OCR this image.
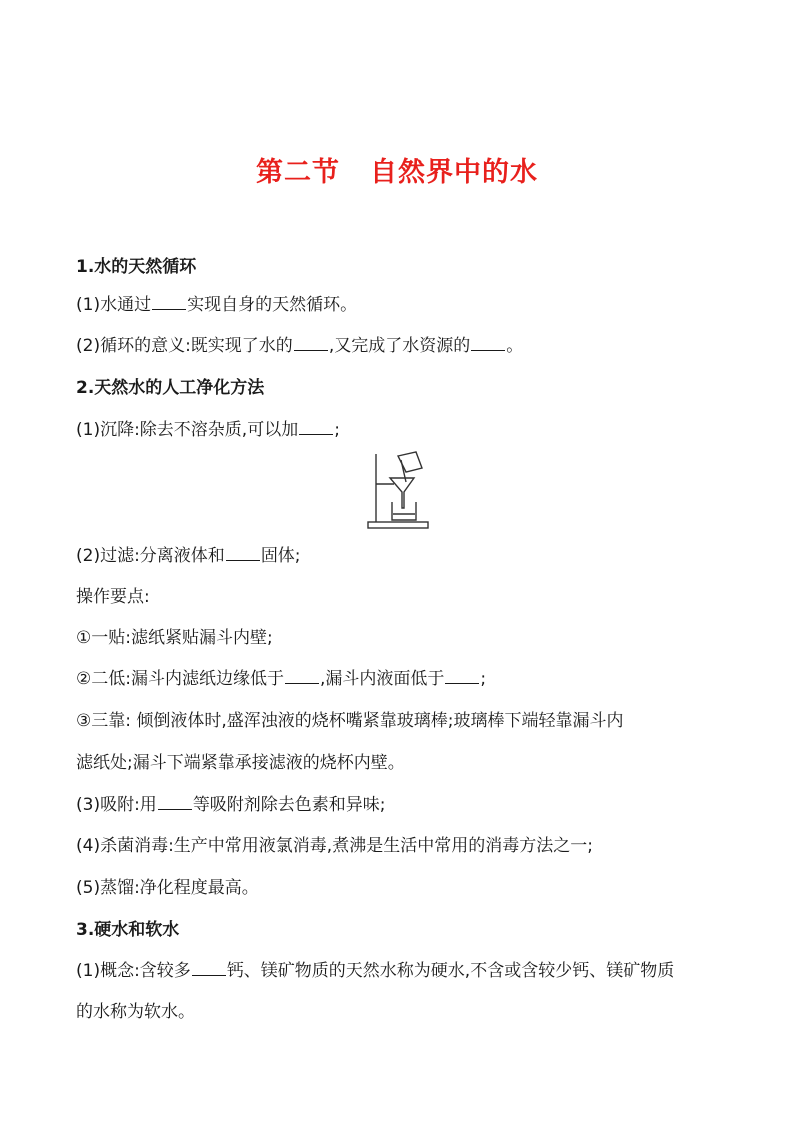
第二节 自然界中的水
1.水的天然循环
(1)水通过 实现自身的天然循环。
(2)循环的意义:既实现了水的 ,又完成了水资源的 。
2.天然水的人工净化方法
(1)沉降:除去不溶杂质,可以加 ;
(2)过滤:分离液体和 固体;
操作要点:
①一贴:滤纸紧贴漏斗内壁;
②二低:漏斗内滤纸边缘低于 ,漏斗内液面低于 ;
③三靠: 倾倒液体时,盛浑浊液的烧杯嘴紧靠玻璃棒;玻璃棒下端轻靠漏斗内
滤纸处;漏斗下端紧靠承接滤液的烧杯内壁。
(3)吸附:用 等吸附剂除去色素和异味;
(4)杀菌消毒:生产中常用液氯消毒,煮沸是生活中常用的消毒方法之一;
(5)蒸馏:净化程度最高。
3.硬水和软水
(1)概念:含较多 钙、镁矿物质的天然水称为硬水,不含或含较少钙、镁矿物质
的水称为软水。
